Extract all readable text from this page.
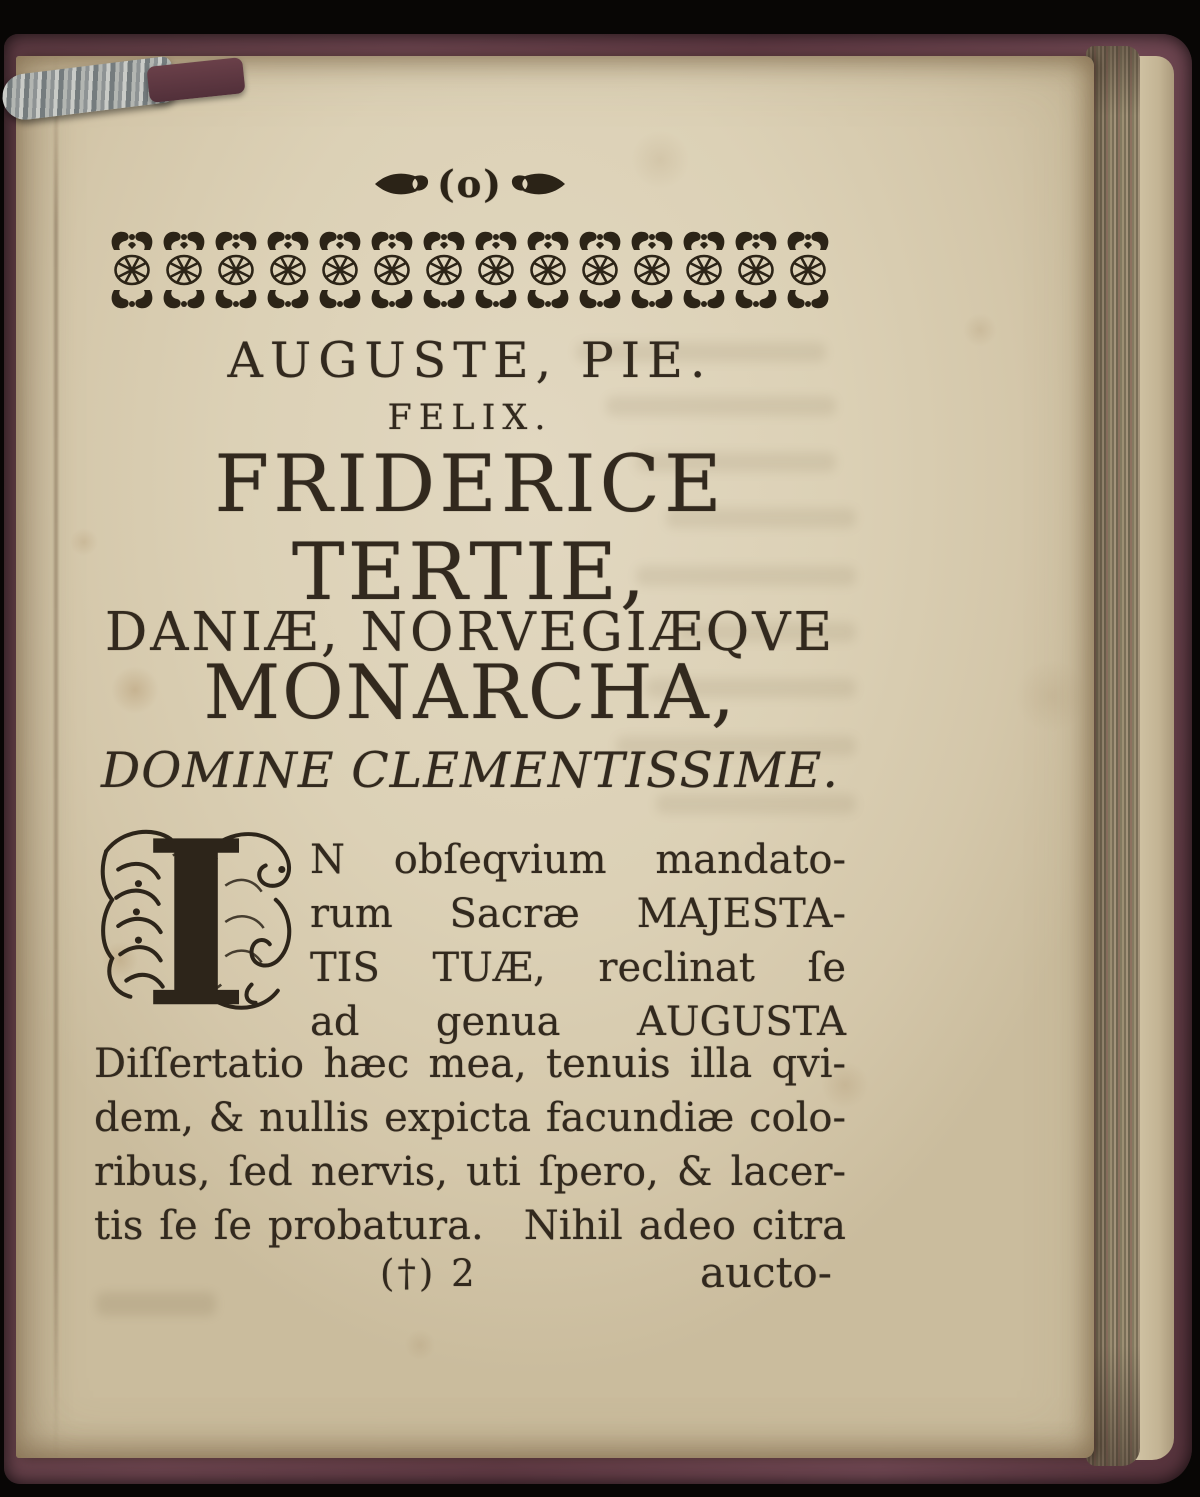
(o)
AUGUSTE, PIE.
FELIX.
FRIDERICE
TERTIE,
DANIÆ, NORVEGIÆQVE
MONARCHA,
DOMINE CLEMENTISSIME.
I N obſeqvium mandato-
rum Sacræ MAJESTA-
TIS TUÆ, reclinat ſe
ad genua AUGUSTA
Diſſertatio hæc mea, tenuis illa qvi-
dem, & nullis expicta facundiæ colo-
ribus, ſed nervis, uti ſpero, & lacer-
tis ſe ſe probatura. Nihil adeo citra
(†) 2	aucto-
